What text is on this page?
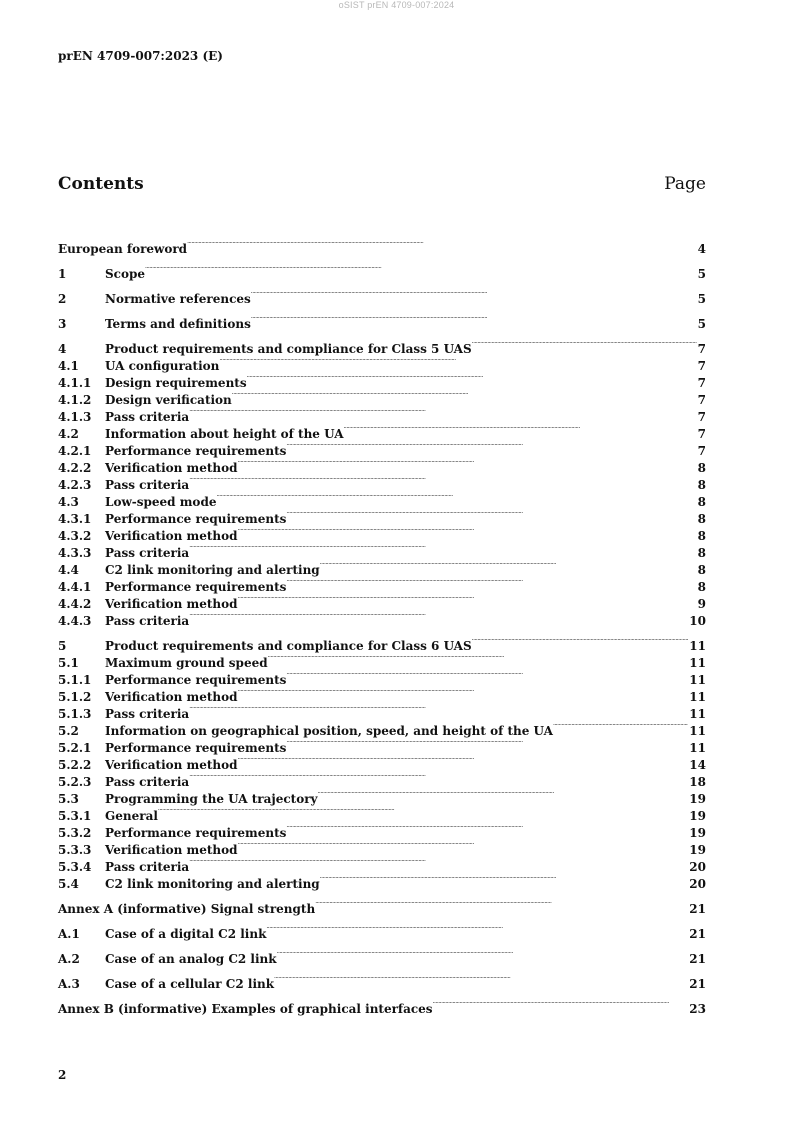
oSIST prEN 4709-007:2024
prEN 4709-007:2023 (E)
Contents	Page
European foreword . . .	4
1	Scope . . .	5
2	Normative references . . .	5
3	Terms and definitions . . .	5
4	Product requirements and compliance for Class 5 UAS . . .	7
4.1	UA configuration . . .	7
4.1.1	Design requirements . . .	7
4.1.2	Design verification . . .	7
4.1.3	Pass criteria . . .	7
4.2	Information about height of the UA . . .	7
4.2.1	Performance requirements . . .	7
4.2.2	Verification method . . .	8
4.2.3	Pass criteria . . .	8
4.3	Low-speed mode . . .	8
4.3.1	Performance requirements . . .	8
4.3.2	Verification method . . .	8
4.3.3	Pass criteria . . .	8
4.4	C2 link monitoring and alerting . . .	8
4.4.1	Performance requirements . . .	8
4.4.2	Verification method . . .	9
4.4.3	Pass criteria . . .	10
5	Product requirements and compliance for Class 6 UAS . . .	11
5.1	Maximum ground speed . . .	11
5.1.1	Performance requirements . . .	11
5.1.2	Verification method . . .	11
5.1.3	Pass criteria . . .	11
5.2	Information on geographical position, speed, and height of the UA . . .	11
5.2.1	Performance requirements . . .	11
5.2.2	Verification method . . .	14
5.2.3	Pass criteria . . .	18
5.3	Programming the UA trajectory . . .	19
5.3.1	General . . .	19
5.3.2	Performance requirements . . .	19
5.3.3	Verification method . . .	19
5.3.4	Pass criteria . . .	20
5.4	C2 link monitoring and alerting . . .	20
Annex A (informative) Signal strength . . .	21
A.1	Case of a digital C2 link . . .	21
A.2	Case of an analog C2 link . . .	21
A.3	Case of a cellular C2 link . . .	21
Annex B (informative) Examples of graphical interfaces . . .	23
2
